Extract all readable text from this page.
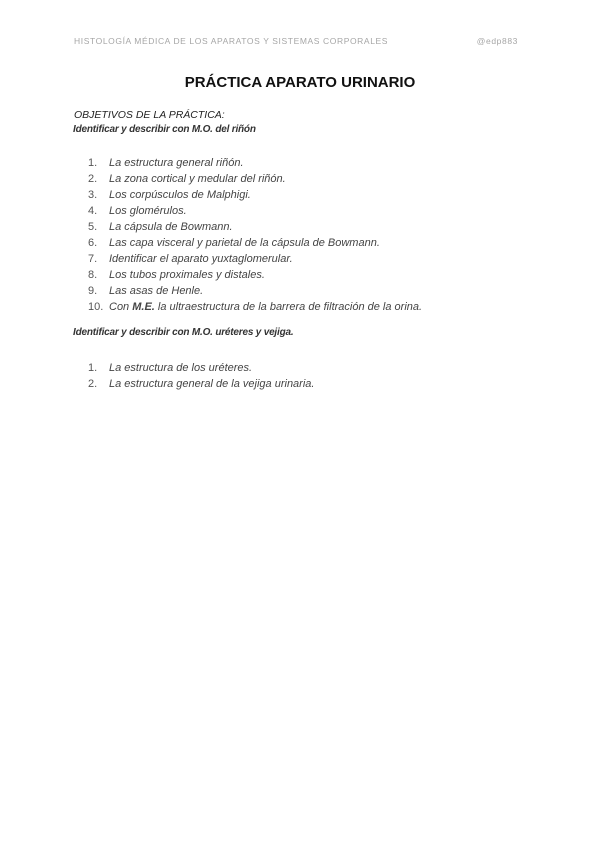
HISTOLOGÍA MÉDICA DE LOS APARATOS Y SISTEMAS CORPORALES	@edp883
PRÁCTICA APARATO URINARIO
OBJETIVOS DE LA PRÁCTICA:
Identificar y describir con M.O. del riñón
1.	La estructura general riñón.
2.	La zona cortical y medular del riñón.
3.	Los corpúsculos de Malphigi.
4.	Los glomérulos.
5.	La cápsula de Bowmann.
6.	Las capa visceral y parietal de la cápsula de Bowmann.
7.	Identificar el aparato yuxtaglomerular.
8.	Los tubos proximales y distales.
9.	Las asas de Henle.
10. Con M.E. la ultraestructura de la barrera de filtración de la orina.
Identificar y describir con M.O. uréteres y vejiga.
1.	La estructura de los uréteres.
2.	La estructura general de la vejiga urinaria.
